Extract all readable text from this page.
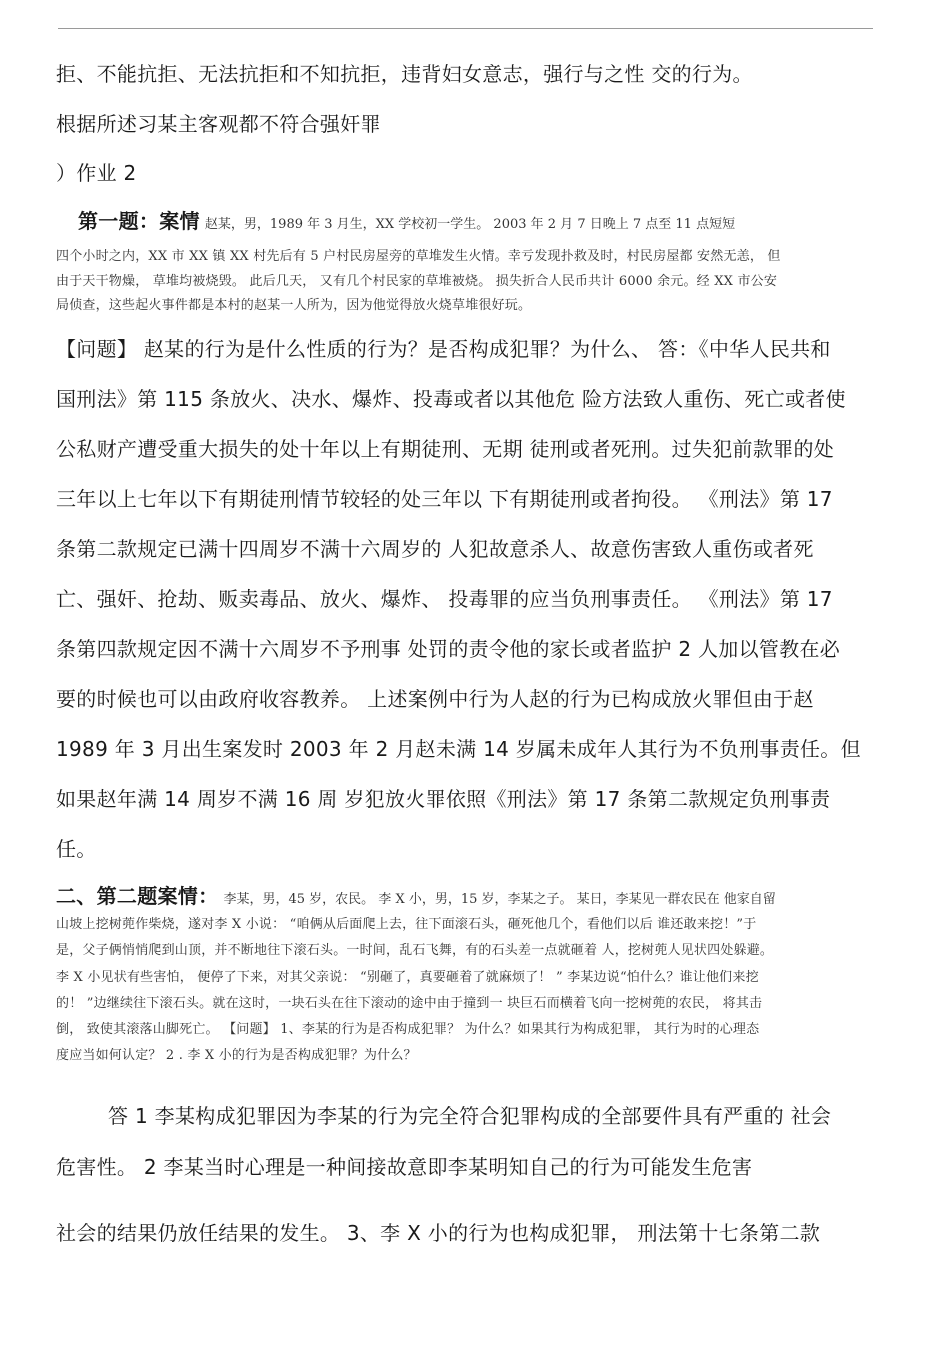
拒、不能抗拒、无法抗拒和不知抗拒，违背妇女意志，强行与之性 交的行为。

根据所述习某主客观都不符合强奸罪

）作业 2

第一题：案情 赵某，男，1989 年 3 月生，XX 学校初一学生。 2003 年 2 月 7 日晚上 7 点至 11 点短短

四个小时之内，XX 市 XX 镇 XX 村先后有 5 户村民房屋旁的草堆发生火情。幸亏发现扑救及时，村民房屋都 安然无恙， 但

由于天干物燥， 草堆均被烧毁。 此后几天， 又有几个村民家的草堆被烧。 损失折合人民币共计 6000 余元。经 XX 市公安

局侦查，这些起火事件都是本村的赵某一人所为，因为他觉得放火烧草堆很好玩。

【问题】 赵某的行为是什么性质的行为？是否构成犯罪？为什么、 答：《中华人民共和

国刑法》第 115 条放火、决水、爆炸、投毒或者以其他危 险方法致人重伤、死亡或者使

公私财产遭受重大损失的处十年以上有期徒刑、无期 徒刑或者死刑。过失犯前款罪的处

三年以上七年以下有期徒刑情节较轻的处三年以 下有期徒刑或者拘役。 《刑法》第 17

条第二款规定已满十四周岁不满十六周岁的 人犯故意杀人、故意伤害致人重伤或者死

亡、强奸、抢劫、贩卖毒品、放火、爆炸、 投毒罪的应当负刑事责任。 《刑法》第 17

条第四款规定因不满十六周岁不予刑事 处罚的责令他的家长或者监护 2 人加以管教在必

要的时候也可以由政府收容教养。 上述案例中行为人赵的行为已构成放火罪但由于赵

1989 年 3 月出生案发时 2003 年 2 月赵未满 14 岁属未成年人其行为不负刑事责任。但

如果赵年满 14 周岁不满 16 周 岁犯放火罪依照《刑法》第 17 条第二款规定负刑事责

任。

二、第二题案情： 李某，男，45 岁，农民。 李 X 小，男，15 岁，李某之子。 某日，李某见一群农民在 他家自留

山坡上挖树蔸作柴烧，遂对李 X 小说： “咱俩从后面爬上去，往下面滚石头，砸死他几个，看他们以后 谁还敢来挖！”于

是，父子俩悄悄爬到山顶，并不断地往下滚石头。一时间，乱石飞舞，有的石头差一点就砸着 人，挖树蔸人见状四处躲避。

李 X 小见状有些害怕， 便停了下来，对其父亲说： “别砸了，真要砸着了就麻烦了！ ” 李某边说“怕什么？谁让他们来挖

的！ ”边继续往下滚石头。就在这时，一块石头在往下滚动的途中由于撞到一 块巨石而横着飞向一挖树蔸的农民， 将其击

倒， 致使其滚落山脚死亡。 【问题】 1、李某的行为是否构成犯罪？ 为什么？如果其行为构成犯罪， 其行为时的心理态

度应当如何认定？ 2 . 李 X 小的行为是否构成犯罪？为什么？

答 1 李某构成犯罪因为李某的行为完全符合犯罪构成的全部要件具有严重的 社会

危害性。 2 李某当时心理是一种间接故意即李某明知自己的行为可能发生危害

社会的结果仍放任结果的发生。 3、李 X 小的行为也构成犯罪， 刑法第十七条第二款
